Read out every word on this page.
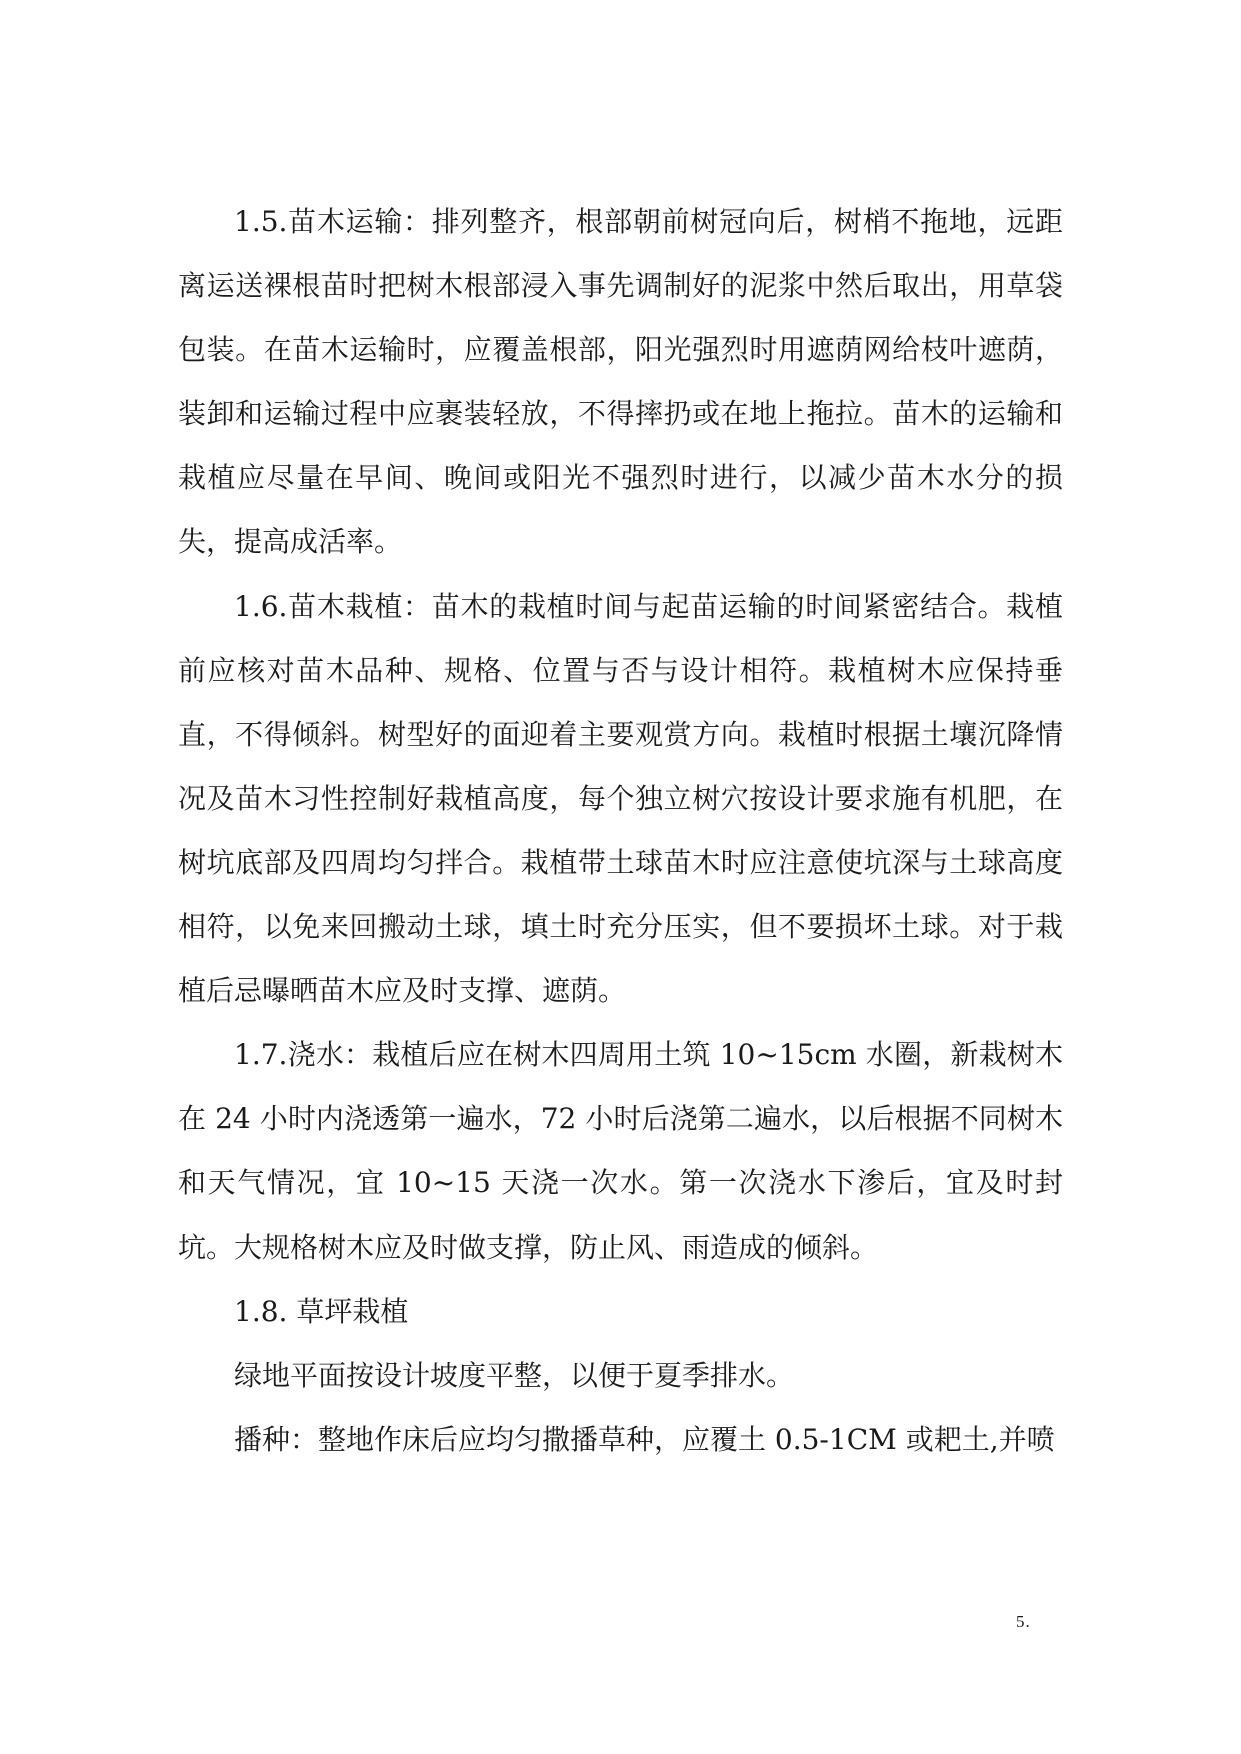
1.5.苗木运输：排列整齐，根部朝前树冠向后，树梢不拖地，远距离运送裸根苗时把树木根部浸入事先调制好的泥浆中然后取出，用草袋包装。在苗木运输时，应覆盖根部，阳光强烈时用遮荫网给枝叶遮荫，装卸和运输过程中应裹装轻放，不得摔扔或在地上拖拉。苗木的运输和栽植应尽量在早间、晚间或阳光不强烈时进行，以减少苗木水分的损失，提高成活率。

1.6.苗木栽植：苗木的栽植时间与起苗运输的时间紧密结合。栽植前应核对苗木品种、规格、位置与否与设计相符。栽植树木应保持垂直，不得倾斜。树型好的面迎着主要观赏方向。栽植时根据土壤沉降情况及苗木习性控制好栽植高度，每个独立树穴按设计要求施有机肥，在树坑底部及四周均匀拌合。栽植带土球苗木时应注意使坑深与土球高度相符，以免来回搬动土球，填土时充分压实，但不要损坏土球。对于栽植后忌曝晒苗木应及时支撑、遮荫。

1.7.浇水：栽植后应在树木四周用土筑 10~15cm 水圈，新栽树木在 24 小时内浇透第一遍水，72 小时后浇第二遍水，以后根据不同树木和天气情况，宜 10~15 天浇一次水。第一次浇水下渗后，宜及时封坑。大规格树木应及时做支撑，防止风、雨造成的倾斜。

1.8. 草坪栽植

绿地平面按设计坡度平整，以便于夏季排水。

播种：整地作床后应均匀撒播草种，应覆土 0.5-1CM 或耙土,并喷

5.
